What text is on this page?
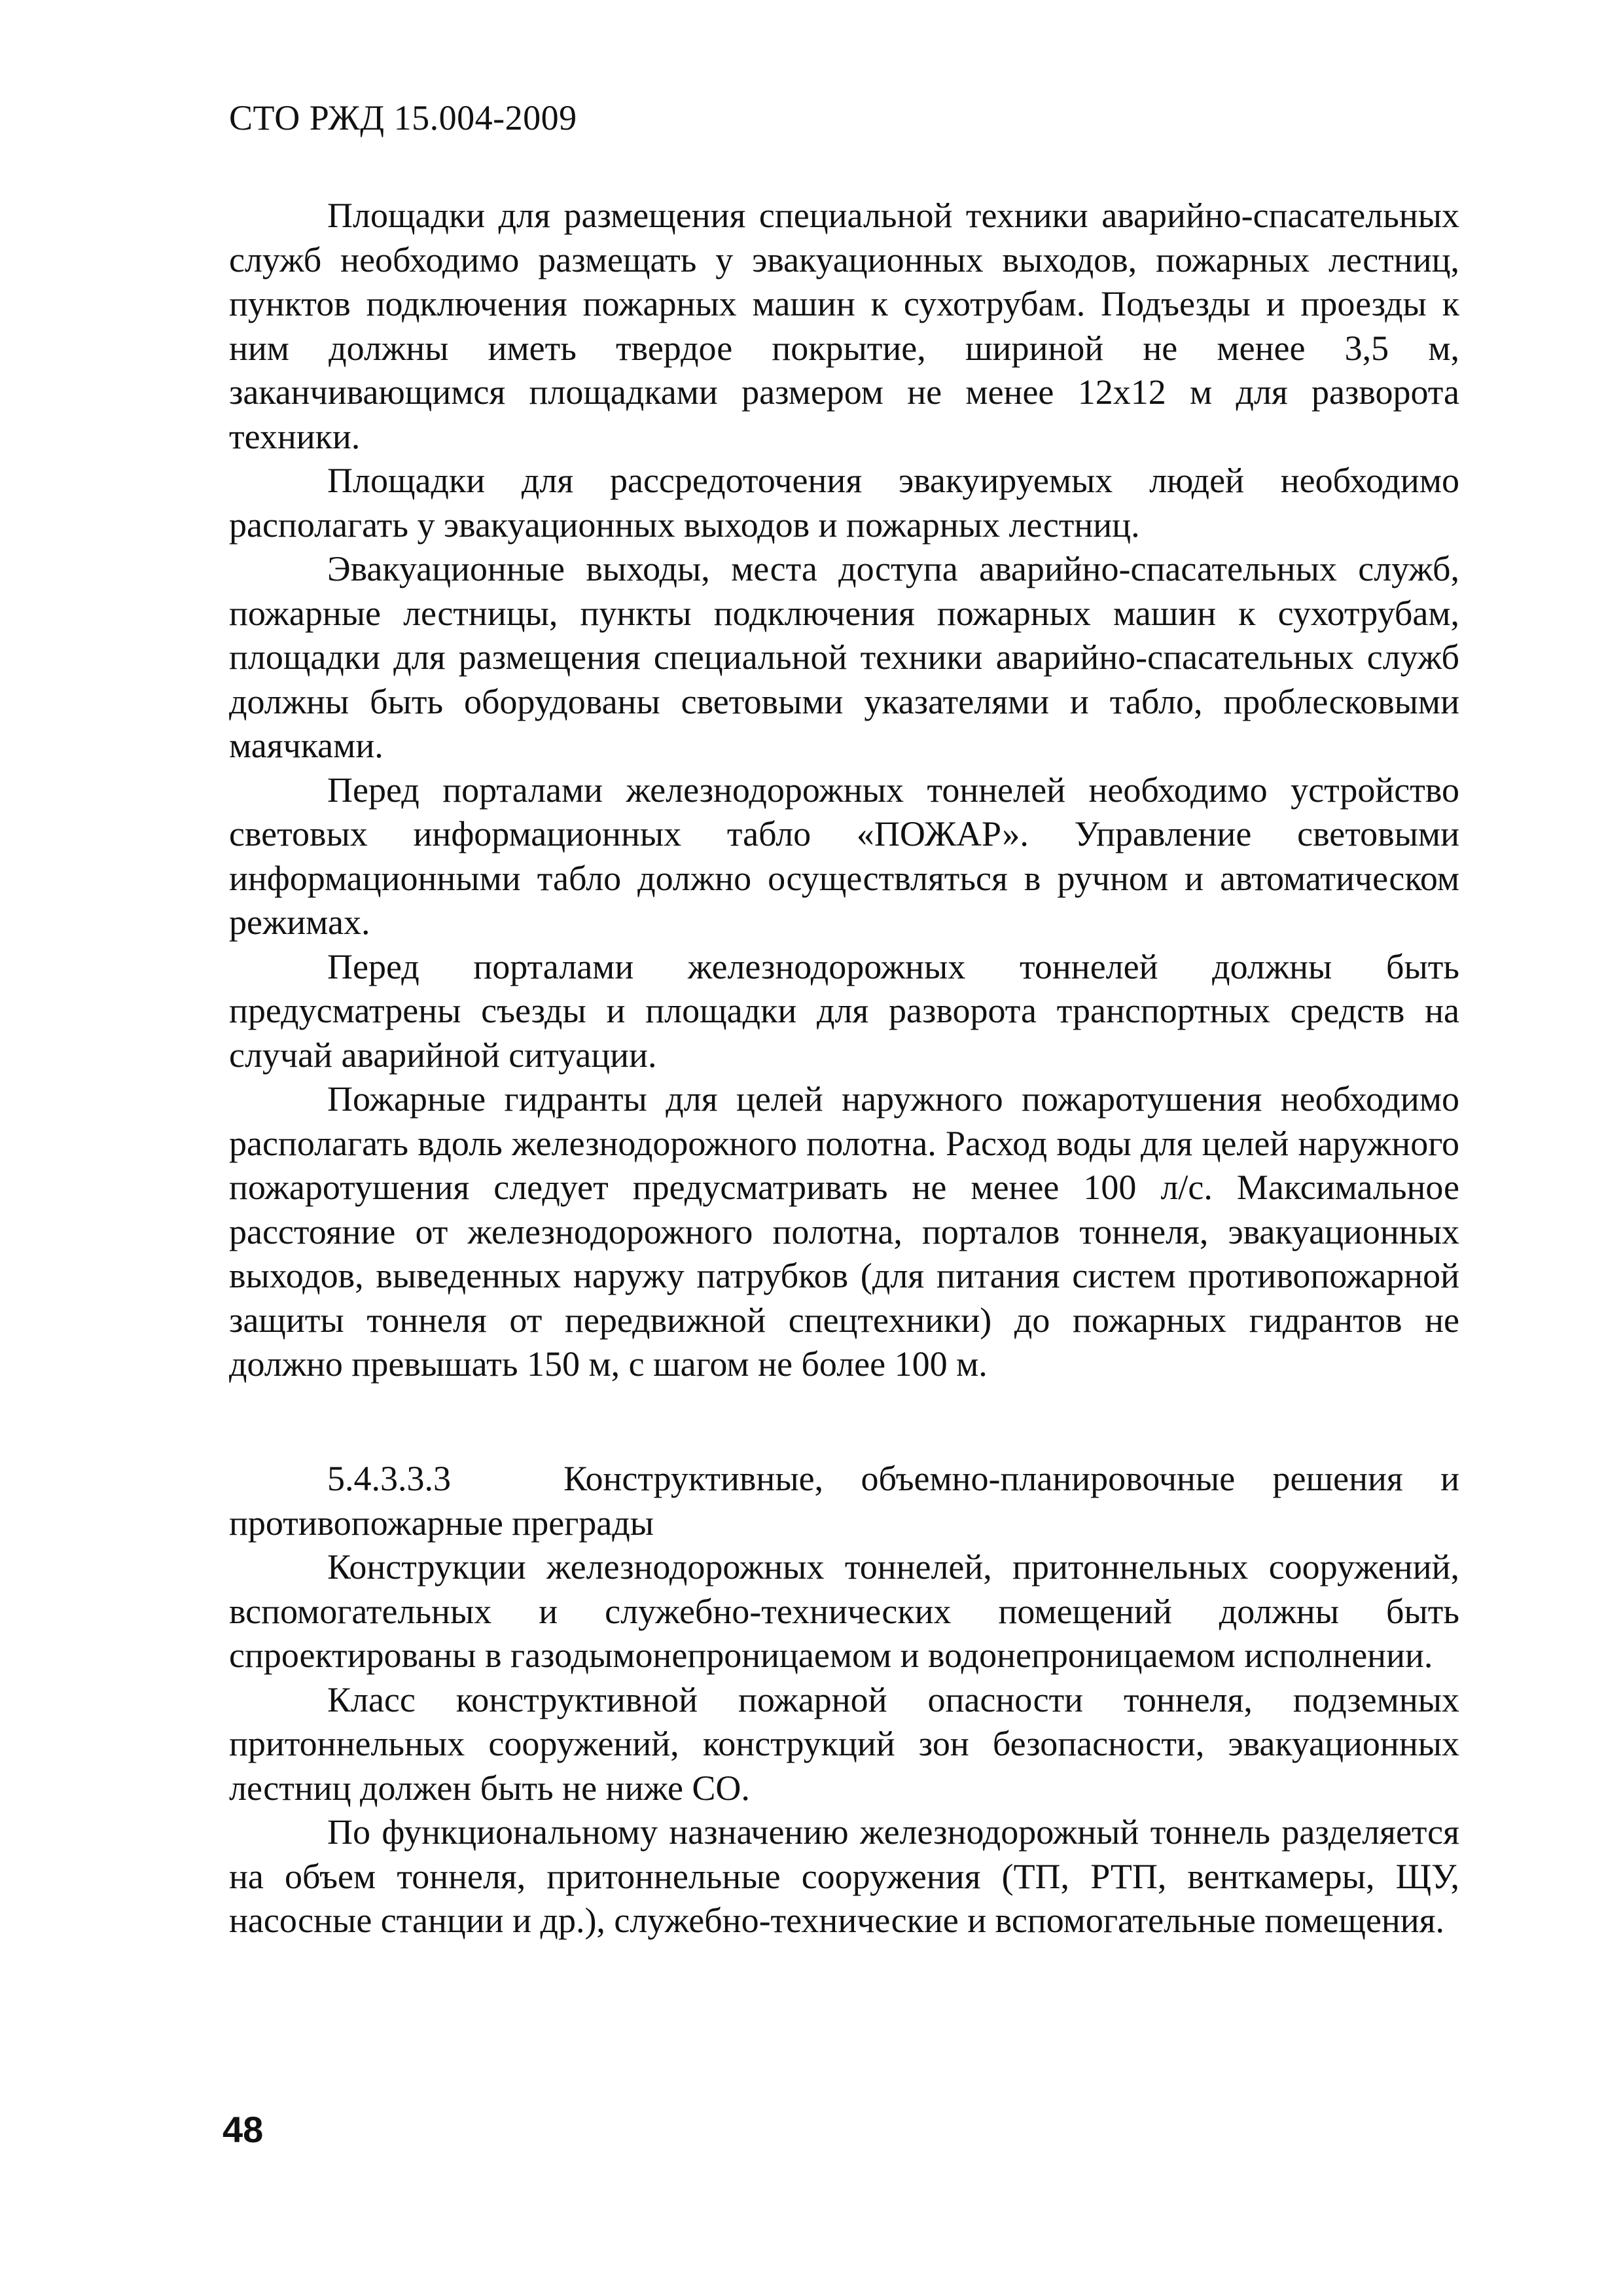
СТО РЖД 15.004-2009

Площадки для размещения специальной техники аварийно-спасательных служб необходимо размещать у эвакуационных выходов, пожарных лестниц, пунктов подключения пожарных машин к сухотрубам. Подъезды и проезды к ним должны иметь твердое покрытие, шириной не менее 3,5 м, заканчивающимся площадками размером не менее 12х12 м для разворота техники.

Площадки для рассредоточения эвакуируемых людей необходимо располагать у эвакуационных выходов и пожарных лестниц.

Эвакуационные выходы, места доступа аварийно-спасательных служб, пожарные лестницы, пункты подключения пожарных машин к сухотрубам, площадки для размещения специальной техники аварийно-спасательных служб должны быть оборудованы световыми указателями и табло, проблесковыми маячками.

Перед порталами железнодорожных тоннелей необходимо устройство световых информационных табло «ПОЖАР». Управление световыми информационными табло должно осуществляться в ручном и автоматическом режимах.

Перед порталами железнодорожных тоннелей должны быть предусматрены съезды и площадки для разворота транспортных средств на случай аварийной ситуации.

Пожарные гидранты для целей наружного пожаротушения необходимо располагать вдоль железнодорожного полотна. Расход воды для целей наружного пожаротушения следует предусматривать не менее 100 л/с. Максимальное расстояние от железнодорожного полотна, порталов тоннеля, эвакуационных выходов, выведенных наружу патрубков (для питания систем противопожарной защиты тоннеля от передвижной спецтехники) до пожарных гидрантов не должно превышать 150 м, с шагом не более 100 м.

5.4.3.3.3	Конструктивные, объемно-планировочные решения и противопожарные преграды

Конструкции железнодорожных тоннелей, притоннельных сооружений, вспомогательных и служебно-технических помещений должны быть спроектированы в газодымонепроницаемом и водонепроницаемом исполнении.

Класс конструктивной пожарной опасности тоннеля, подземных притоннельных сооружений, конструкций зон безопасности, эвакуационных лестниц должен быть не ниже СО.

По функциональному назначению железнодорожный тоннель разделяется на объем тоннеля, притоннельные сооружения (ТП, РТП, венткамеры, ЩУ, насосные станции и др.), служебно-технические и вспомогательные помещения.

48
